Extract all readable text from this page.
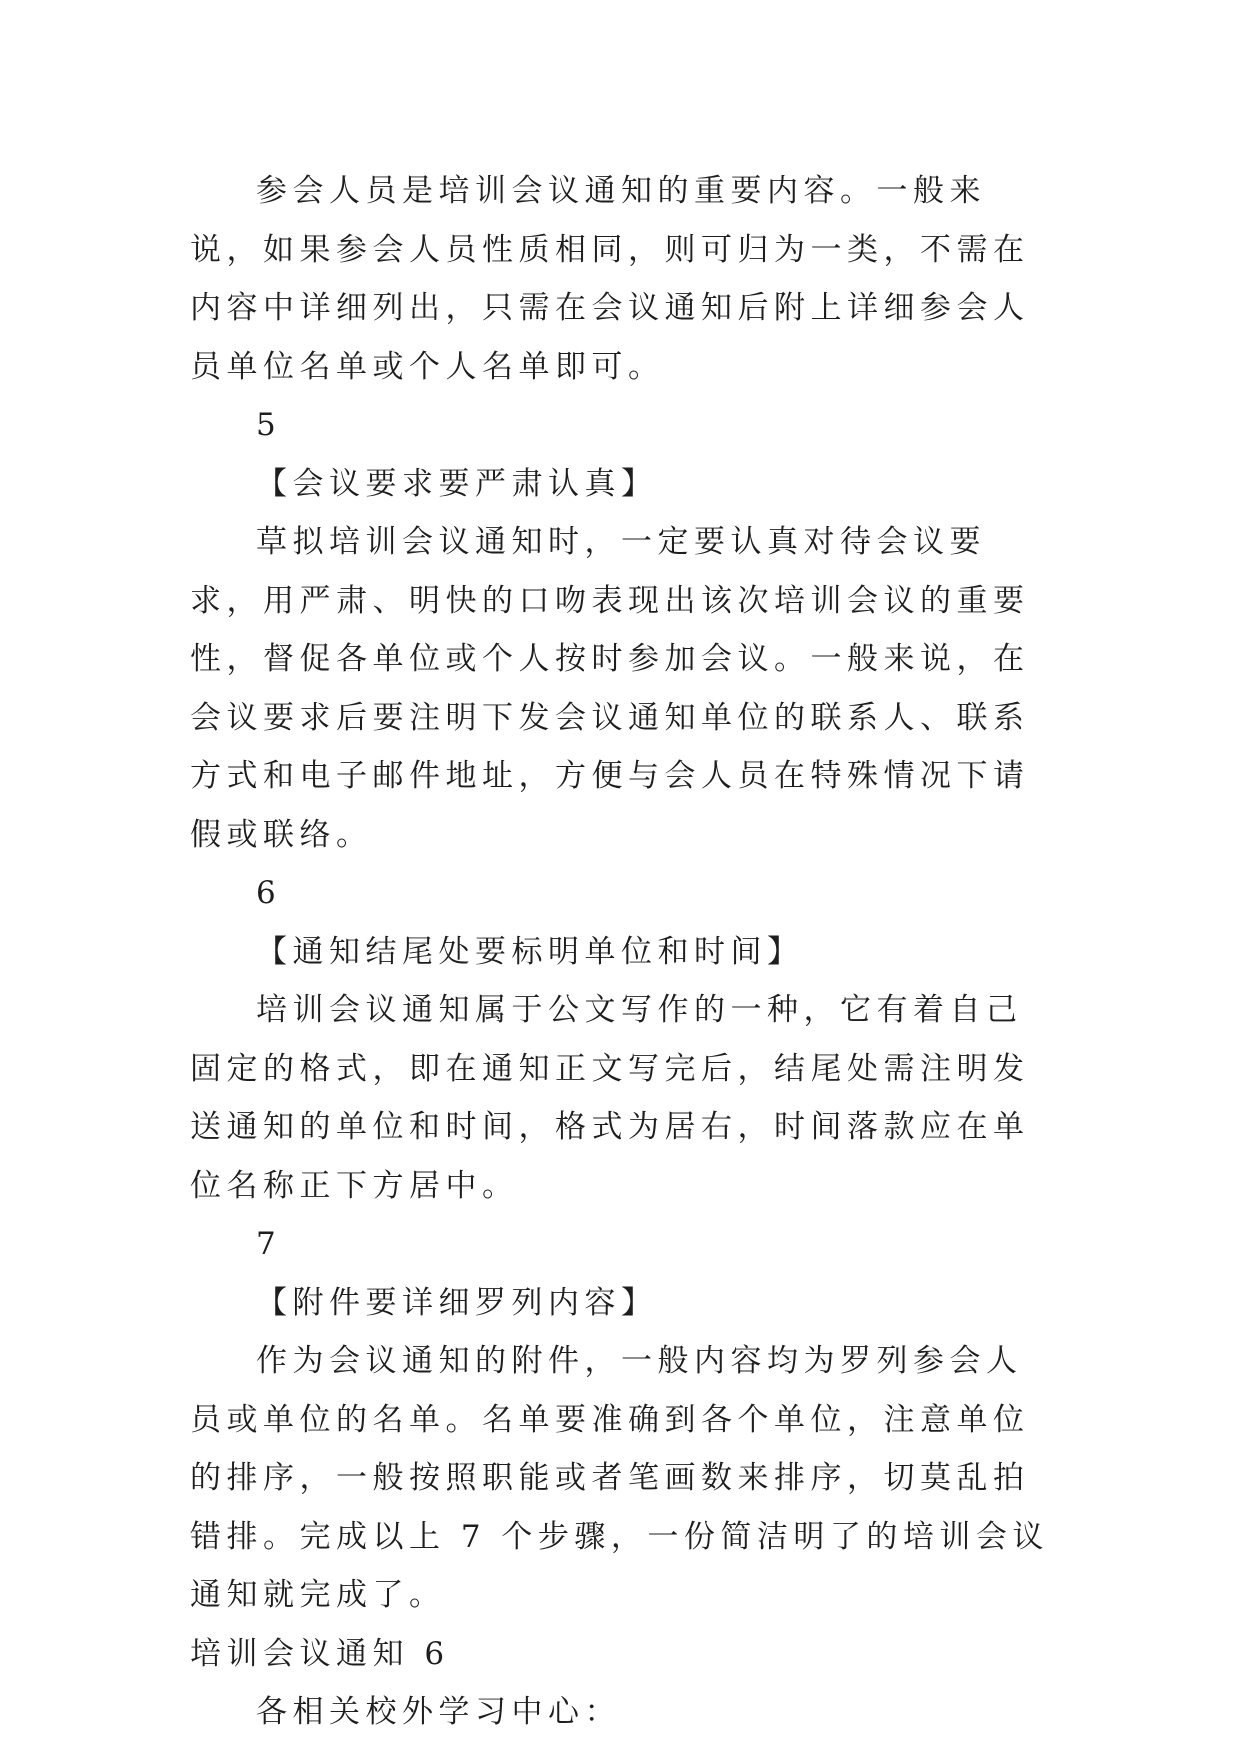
参会人员是培训会议通知的重要内容。一般来说，如果参会人员性质相同，则可归为一类，不需在内容中详细列出，只需在会议通知后附上详细参会人员单位名单或个人名单即可。

5

【会议要求要严肃认真】

草拟培训会议通知时，一定要认真对待会议要求，用严肃、明快的口吻表现出该次培训会议的重要性，督促各单位或个人按时参加会议。一般来说，在会议要求后要注明下发会议通知单位的联系人、联系方式和电子邮件地址，方便与会人员在特殊情况下请假或联络。

6

【通知结尾处要标明单位和时间】

培训会议通知属于公文写作的一种，它有着自己固定的格式，即在通知正文写完后，结尾处需注明发送通知的单位和时间，格式为居右，时间落款应在单位名称正下方居中。

7

【附件要详细罗列内容】

作为会议通知的附件，一般内容均为罗列参会人员或单位的名单。名单要准确到各个单位，注意单位的排序，一般按照职能或者笔画数来排序，切莫乱拍错排。完成以上 7 个步骤，一份简洁明了的培训会议通知就完成了。

培训会议通知 6

各相关校外学习中心：
